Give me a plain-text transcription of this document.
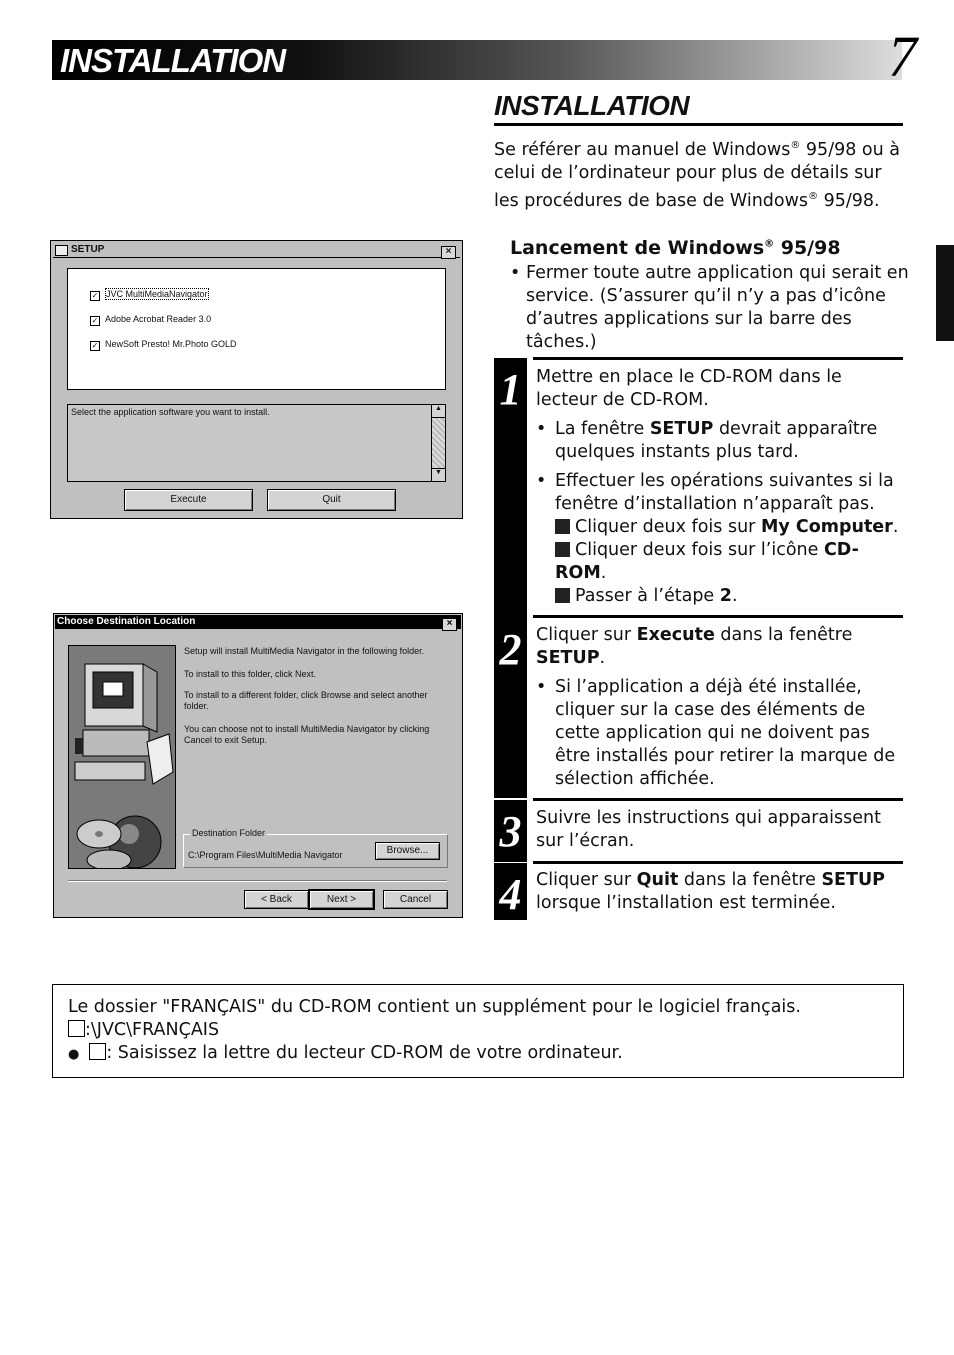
INSTALLATION	7
INSTALLATION
Se référer au manuel de Windows® 95/98 ou à celui de l’ordinateur pour plus de détails sur les procédures de base de Windows® 95/98.
Lancement de Windows® 95/98
• Fermer toute autre application qui serait en service. (S’assurer qu’il n’y a pas d’icône d’autres applications sur la barre des tâches.)
1 Mettre en place le CD-ROM dans le lecteur de CD-ROM.
• La fenêtre SETUP devrait apparaître quelques instants plus tard.
• Effectuer les opérations suivantes si la fenêtre d’installation n’apparaît pas.
Cliquer deux fois sur My Computer.
Cliquer deux fois sur l’icône CD-ROM.
Passer à l’étape 2.
2 Cliquer sur Execute dans la fenêtre SETUP.
• Si l’application a déjà été installée, cliquer sur la case des éléments de cette application qui ne doivent pas être installés pour retirer la marque de sélection affichée.
3 Suivre les instructions qui apparaissent sur l’écran.
4 Cliquer sur Quit dans la fenêtre SETUP lorsque l’installation est terminée.
SETUP	×
✓ JVC MultiMediaNavigator
✓ Adobe Acrobat Reader 3.0
✓ NewSoft Presto! Mr.Photo GOLD
Select the application software you want to install.	▲
▼
Execute	Quit
Choose Destination Location	×
Setup will install MultiMedia Navigator in the following folder.
To install to this folder, click Next.
To install to a different folder, click Browse and select another folder.
You can choose not to install MultiMedia Navigator by clicking Cancel to exit Setup.
Destination Folder
C:\Program Files\MultiMedia Navigator	Browse...
< Back	Next >	Cancel
Le dossier "FRANÇAIS" du CD-ROM contient un supplément pour le logiciel français.
:\JVC\FRANÇAIS
● : Saisissez la lettre du lecteur CD-ROM de votre ordinateur.
